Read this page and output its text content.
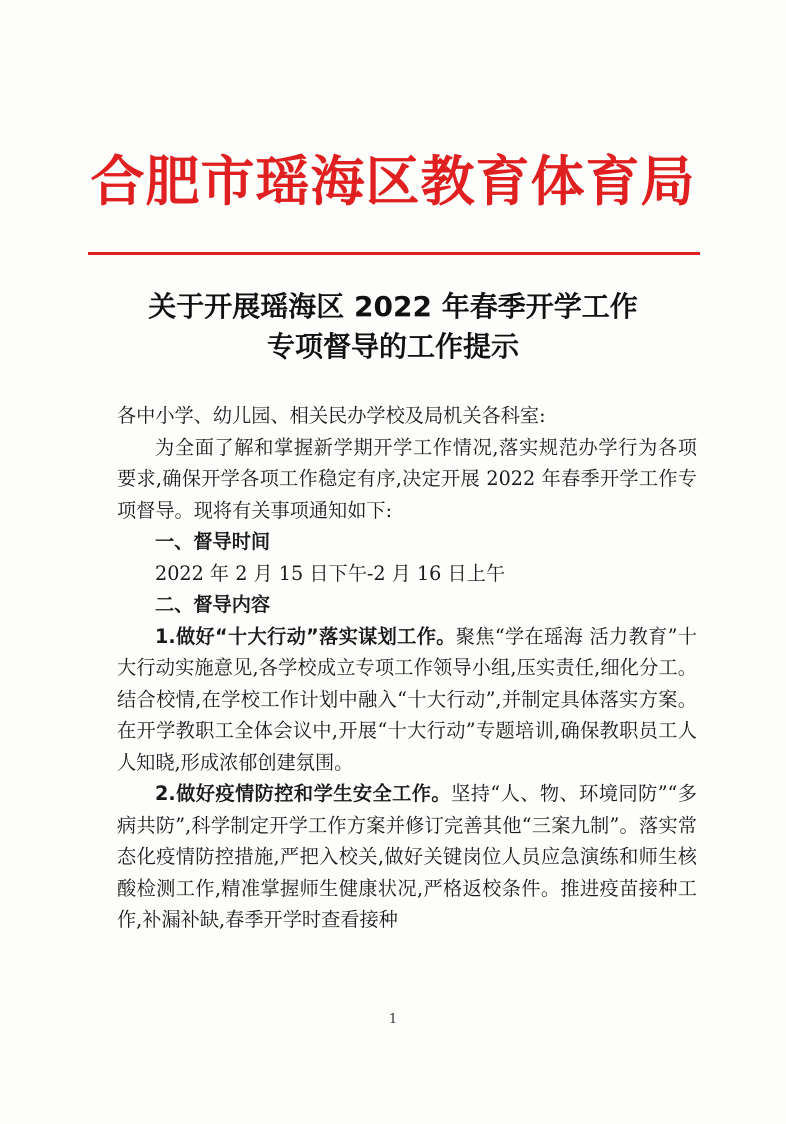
合肥市瑶海区教育体育局
关于开展瑶海区 2022 年春季开学工作
专项督导的工作提示

各中小学、幼儿园、相关民办学校及局机关各科室:

为全面了解和掌握新学期开学工作情况,落实规范办学行为各项要求,确保开学各项工作稳定有序,决定开展 2022 年春季开学工作专项督导。现将有关事项通知如下:

一、督导时间

2022 年 2 月 15 日下午-2 月 16 日上午

二、督导内容

1.做好“十大行动”落实谋划工作。聚焦“学在瑶海 活力教育”十大行动实施意见,各学校成立专项工作领导小组,压实责任,细化分工。结合校情,在学校工作计划中融入“十大行动”,并制定具体落实方案。在开学教职工全体会议中,开展“十大行动”专题培训,确保教职员工人人知晓,形成浓郁创建氛围。

2.做好疫情防控和学生安全工作。坚持“人、物、环境同防”“多病共防”,科学制定开学工作方案并修订完善其他“三案九制”。落实常态化疫情防控措施,严把入校关,做好关键岗位人员应急演练和师生核酸检测工作,精准掌握师生健康状况,严格返校条件。推进疫苗接种工作,补漏补缺,春季开学时查看接种

1
